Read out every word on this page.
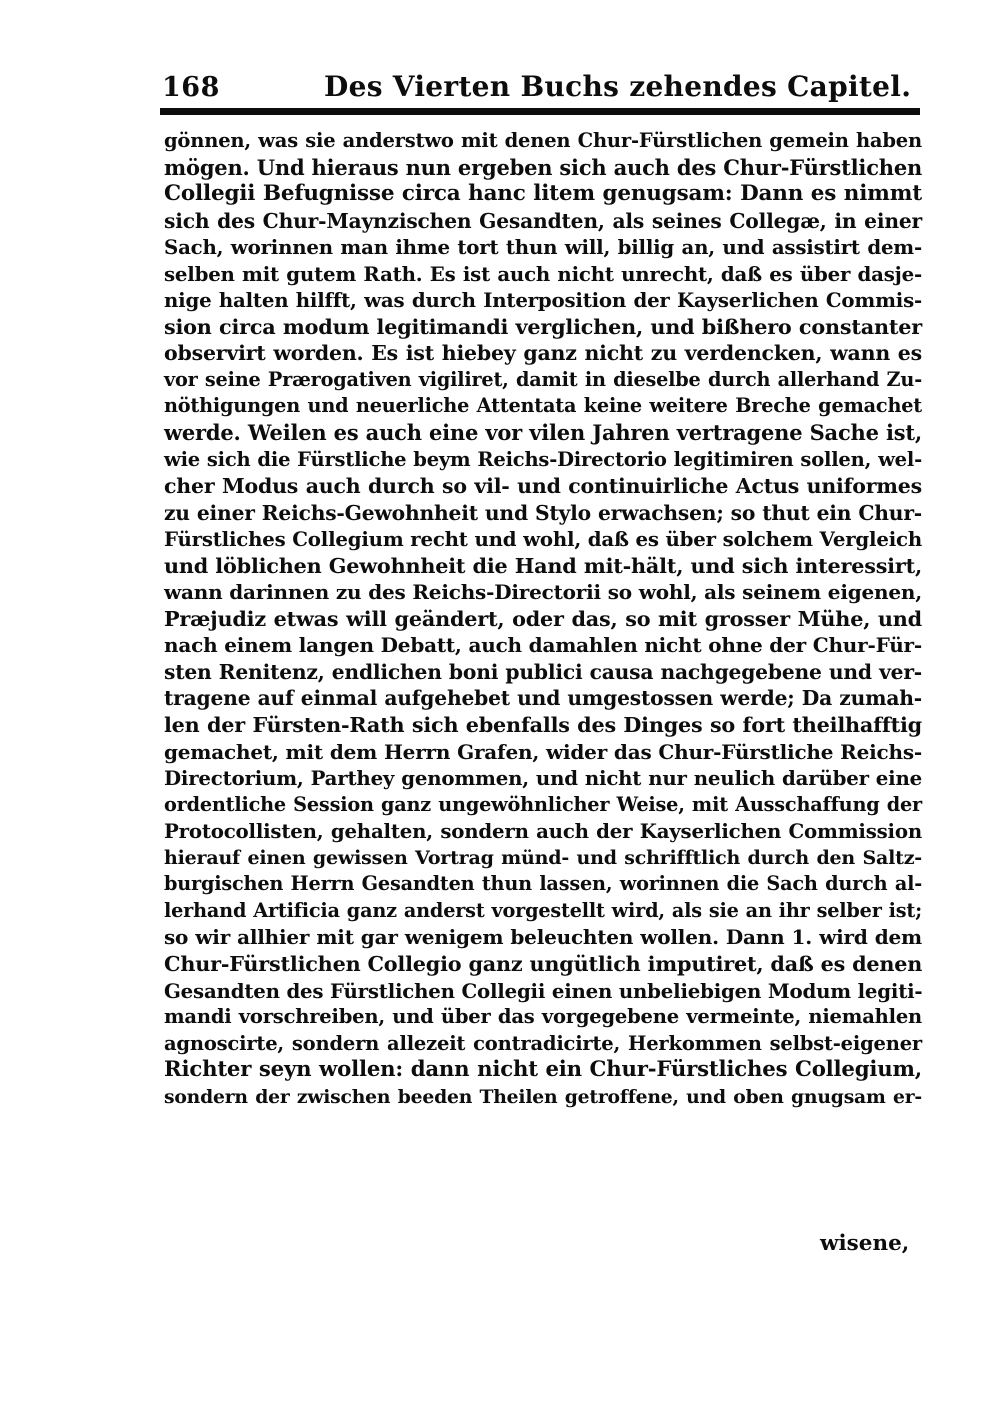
168	Des Vierten Buchs zehendes Capitel.
gönnen, was sie anderstwo mit denen Chur-Fürstlichen gemein haben
mögen. Und hieraus nun ergeben sich auch des Chur-Fürstlichen
Collegii Befugnisse circa hanc litem genugsam: Dann es nimmt
sich des Chur-Maynzischen Gesandten, als seines Collegæ, in einer
Sach, worinnen man ihme tort thun will, billig an, und assistirt dem-
selben mit gutem Rath. Es ist auch nicht unrecht, daß es über dasje-
nige halten hilfft, was durch Interposition der Kayserlichen Commis-
sion circa modum legitimandi verglichen, und bißhero constanter
observirt worden. Es ist hiebey ganz nicht zu verdencken, wann es
vor seine Prærogativen vigiliret, damit in dieselbe durch allerhand Zu-
nöthigungen und neuerliche Attentata keine weitere Breche gemachet
werde. Weilen es auch eine vor vilen Jahren vertragene Sache ist,
wie sich die Fürstliche beym Reichs-Directorio legitimiren sollen, wel-
cher Modus auch durch so vil- und continuirliche Actus uniformes
zu einer Reichs-Gewohnheit und Stylo erwachsen; so thut ein Chur-
Fürstliches Collegium recht und wohl, daß es über solchem Vergleich
und löblichen Gewohnheit die Hand mit-hält, und sich interessirt,
wann darinnen zu des Reichs-Directorii so wohl, als seinem eigenen,
Præjudiz etwas will geändert, oder das, so mit grosser Mühe, und
nach einem langen Debatt, auch damahlen nicht ohne der Chur-Für-
sten Renitenz, endlichen boni publici causa nachgegebene und ver-
tragene auf einmal aufgehebet und umgestossen werde; Da zumah-
len der Fürsten-Rath sich ebenfalls des Dinges so fort theilhafftig
gemachet, mit dem Herrn Grafen, wider das Chur-Fürstliche Reichs-
Directorium, Parthey genommen, und nicht nur neulich darüber eine
ordentliche Session ganz ungewöhnlicher Weise, mit Ausschaffung der
Protocollisten, gehalten, sondern auch der Kayserlichen Commission
hierauf einen gewissen Vortrag münd- und schrifftlich durch den Saltz-
burgischen Herrn Gesandten thun lassen, worinnen die Sach durch al-
lerhand Artificia ganz anderst vorgestellt wird, als sie an ihr selber ist;
so wir allhier mit gar wenigem beleuchten wollen. Dann 1. wird dem
Chur-Fürstlichen Collegio ganz ungütlich imputiret, daß es denen
Gesandten des Fürstlichen Collegii einen unbeliebigen Modum legiti-
mandi vorschreiben, und über das vorgegebene vermeinte, niemahlen
agnoscirte, sondern allezeit contradicirte, Herkommen selbst-eigener
Richter seyn wollen: dann nicht ein Chur-Fürstliches Collegium,
sondern der zwischen beeden Theilen getroffene, und oben gnugsam er-
wisene,
